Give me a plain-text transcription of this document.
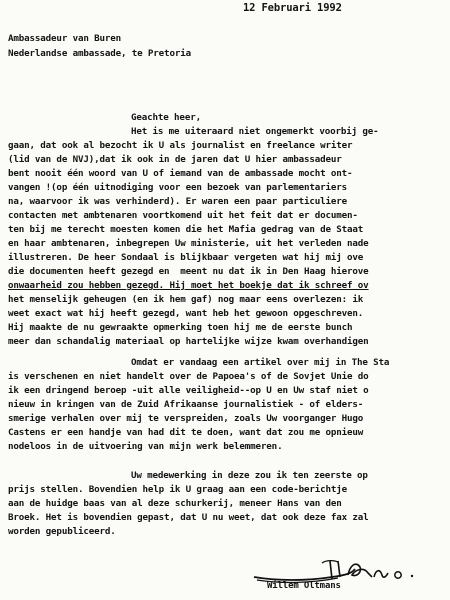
12 Februari 1992
Ambassadeur van Buren
Nederlandse ambassade, te Pretoria
Geachte heer,
Het is me uiteraard niet ongemerkt voorbij ge-
gaan, dat ook al bezocht ik U als journalist en freelance writer
(lid van de NVJ),dat ik ook in de jaren dat U hier ambassadeur
bent nooit één woord van U of iemand van de ambassade mocht ont-
vangen !(op één uitnodiging voor een bezoek van parlementariers
na, waarvoor ik was verhinderd). Er waren een paar particuliere
contacten met ambtenaren voortkomend uit het feit dat er documen-
ten bij me terecht moesten komen die het Mafia gedrag van de Staat
en haar ambtenaren, inbegrepen Uw ministerie, uit het verleden nade
illustreren. De heer Sondaal is blijkbaar vergeten wat hij mij ove
die documenten heeft gezegd en  meent nu dat ik in Den Haag hierove
onwaarheid zou hebben gezegd. Hij moet het boekje dat ik schreef ov
het menselijk geheugen (en ik hem gaf) nog maar eens overlezen: ik
weet exact wat hij heeft gezegd, want heb het gewoon opgeschreven.
Hij maakte de nu gewraakte opmerking toen hij me de eerste bunch
meer dan schandalig materiaal op hartelijke wijze kwam overhandigen
Omdat er vandaag een artikel over mij in The Sta
is verschenen en niet handelt over de Papoea's of de Sovjet Unie do
ik een dringend beroep -uit alle veiligheid--op U en Uw staf niet o
nieuw in kringen van de Zuid Afrikaanse journalistiek - of elders-
smerige verhalen over mij te verspreiden, zoals Uw voorganger Hugo
Castens er een handje van had dit te doen, want dat zou me opnieuw
nodeloos in de uitvoering van mijn werk belemmeren.
Uw medewerking in deze zou ik ten zeerste op
prijs stellen. Bovendien help ik U graag aan een code-berichtje
aan de huidge baas van al deze schurkerij, meneer Hans van den
Broek. Het is bovendien gepast, dat U nu weet, dat ook deze fax zal
worden gepubliceerd.
Willem Oltmans
